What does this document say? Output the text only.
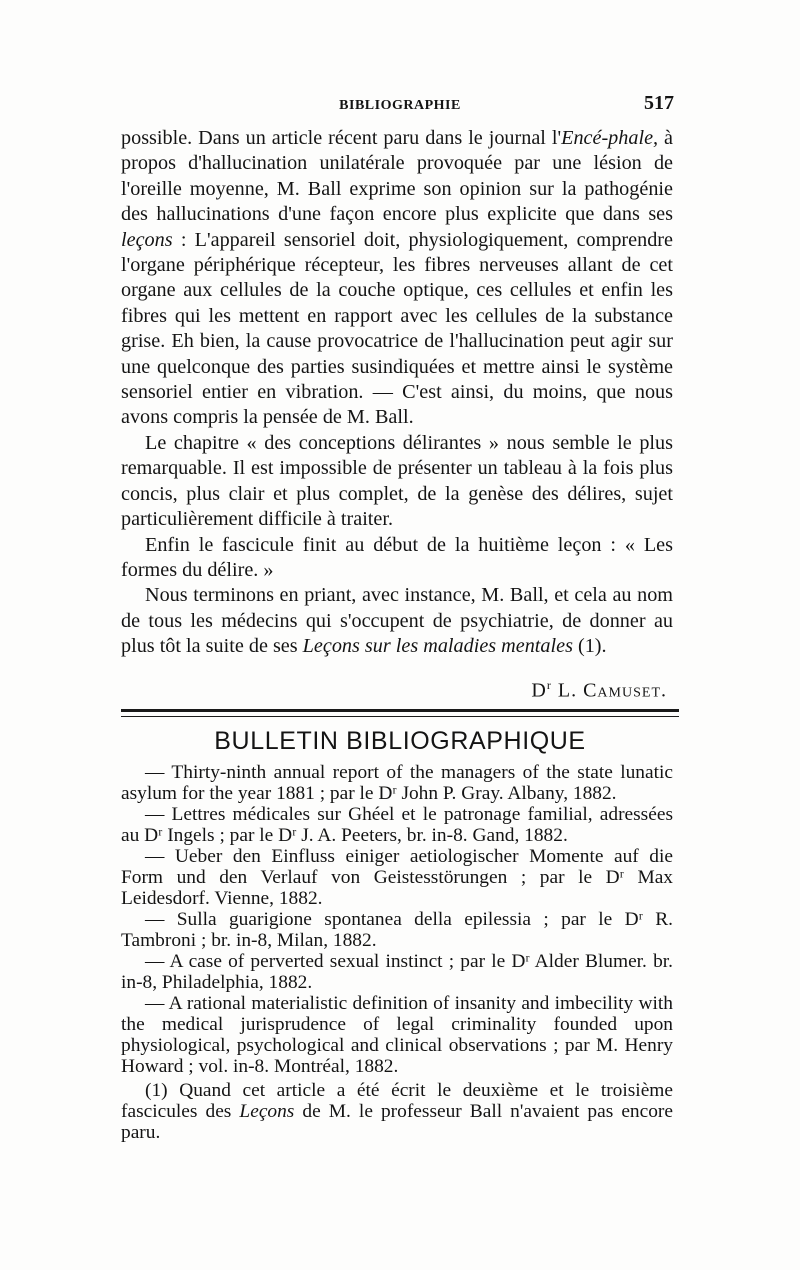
BIBLIOGRAPHIE	517

possible. Dans un article récent paru dans le journal l'Encé-phale, à propos d'hallucination unilatérale provoquée par une lésion de l'oreille moyenne, M. Ball exprime son opinion sur la pathogénie des hallucinations d'une façon encore plus explicite que dans ses leçons : L'appareil sensoriel doit, physiologiquement, comprendre l'organe périphérique récepteur, les fibres nerveuses allant de cet organe aux cellules de la couche optique, ces cellules et enfin les fibres qui les mettent en rapport avec les cellules de la substance grise. Eh bien, la cause provocatrice de l'hallucination peut agir sur une quelconque des parties susindiquées et mettre ainsi le système sensoriel entier en vibration. — C'est ainsi, du moins, que nous avons compris la pensée de M. Ball.

Le chapitre « des conceptions délirantes » nous semble le plus remarquable. Il est impossible de présenter un tableau à la fois plus concis, plus clair et plus complet, de la genèse des délires, sujet particulièrement difficile à traiter.

Enfin le fascicule finit au début de la huitième leçon : « Les formes du délire. »

Nous terminons en priant, avec instance, M. Ball, et cela au nom de tous les médecins qui s'occupent de psychiatrie, de donner au plus tôt la suite de ses Leçons sur les maladies mentales (1).

$D^r$ L. Camuset.
BULLETIN BIBLIOGRAPHIQUE

— Thirty-ninth annual report of the managers of the state lunatic asylum for the year 1881 ; par le Dʳ John P. Gray. Albany, 1882.

— Lettres médicales sur Ghéel et le patronage familial, adressées au Dʳ Ingels ; par le Dʳ J. A. Peeters, br. in-8. Gand, 1882.

— Ueber den Einfluss einiger aetiologischer Momente auf die Form und den Verlauf von Geistesstörungen ; par le Dʳ Max Leidesdorf. Vienne, 1882.

— Sulla guarigione spontanea della epilessia ; par le Dʳ R. Tambroni ; br. in-8, Milan, 1882.

— A case of perverted sexual instinct ; par le Dʳ Alder Blumer. br. in-8, Philadelphia, 1882.

— A rational materialistic definition of insanity and imbecility with the medical jurisprudence of legal criminality founded upon physiological, psychological and clinical observations ; par M. Henry Howard ; vol. in-8. Montréal, 1882.

(1) Quand cet article a été écrit le deuxième et le troisième fascicules des Leçons de M. le professeur Ball n'avaient pas encore paru.
